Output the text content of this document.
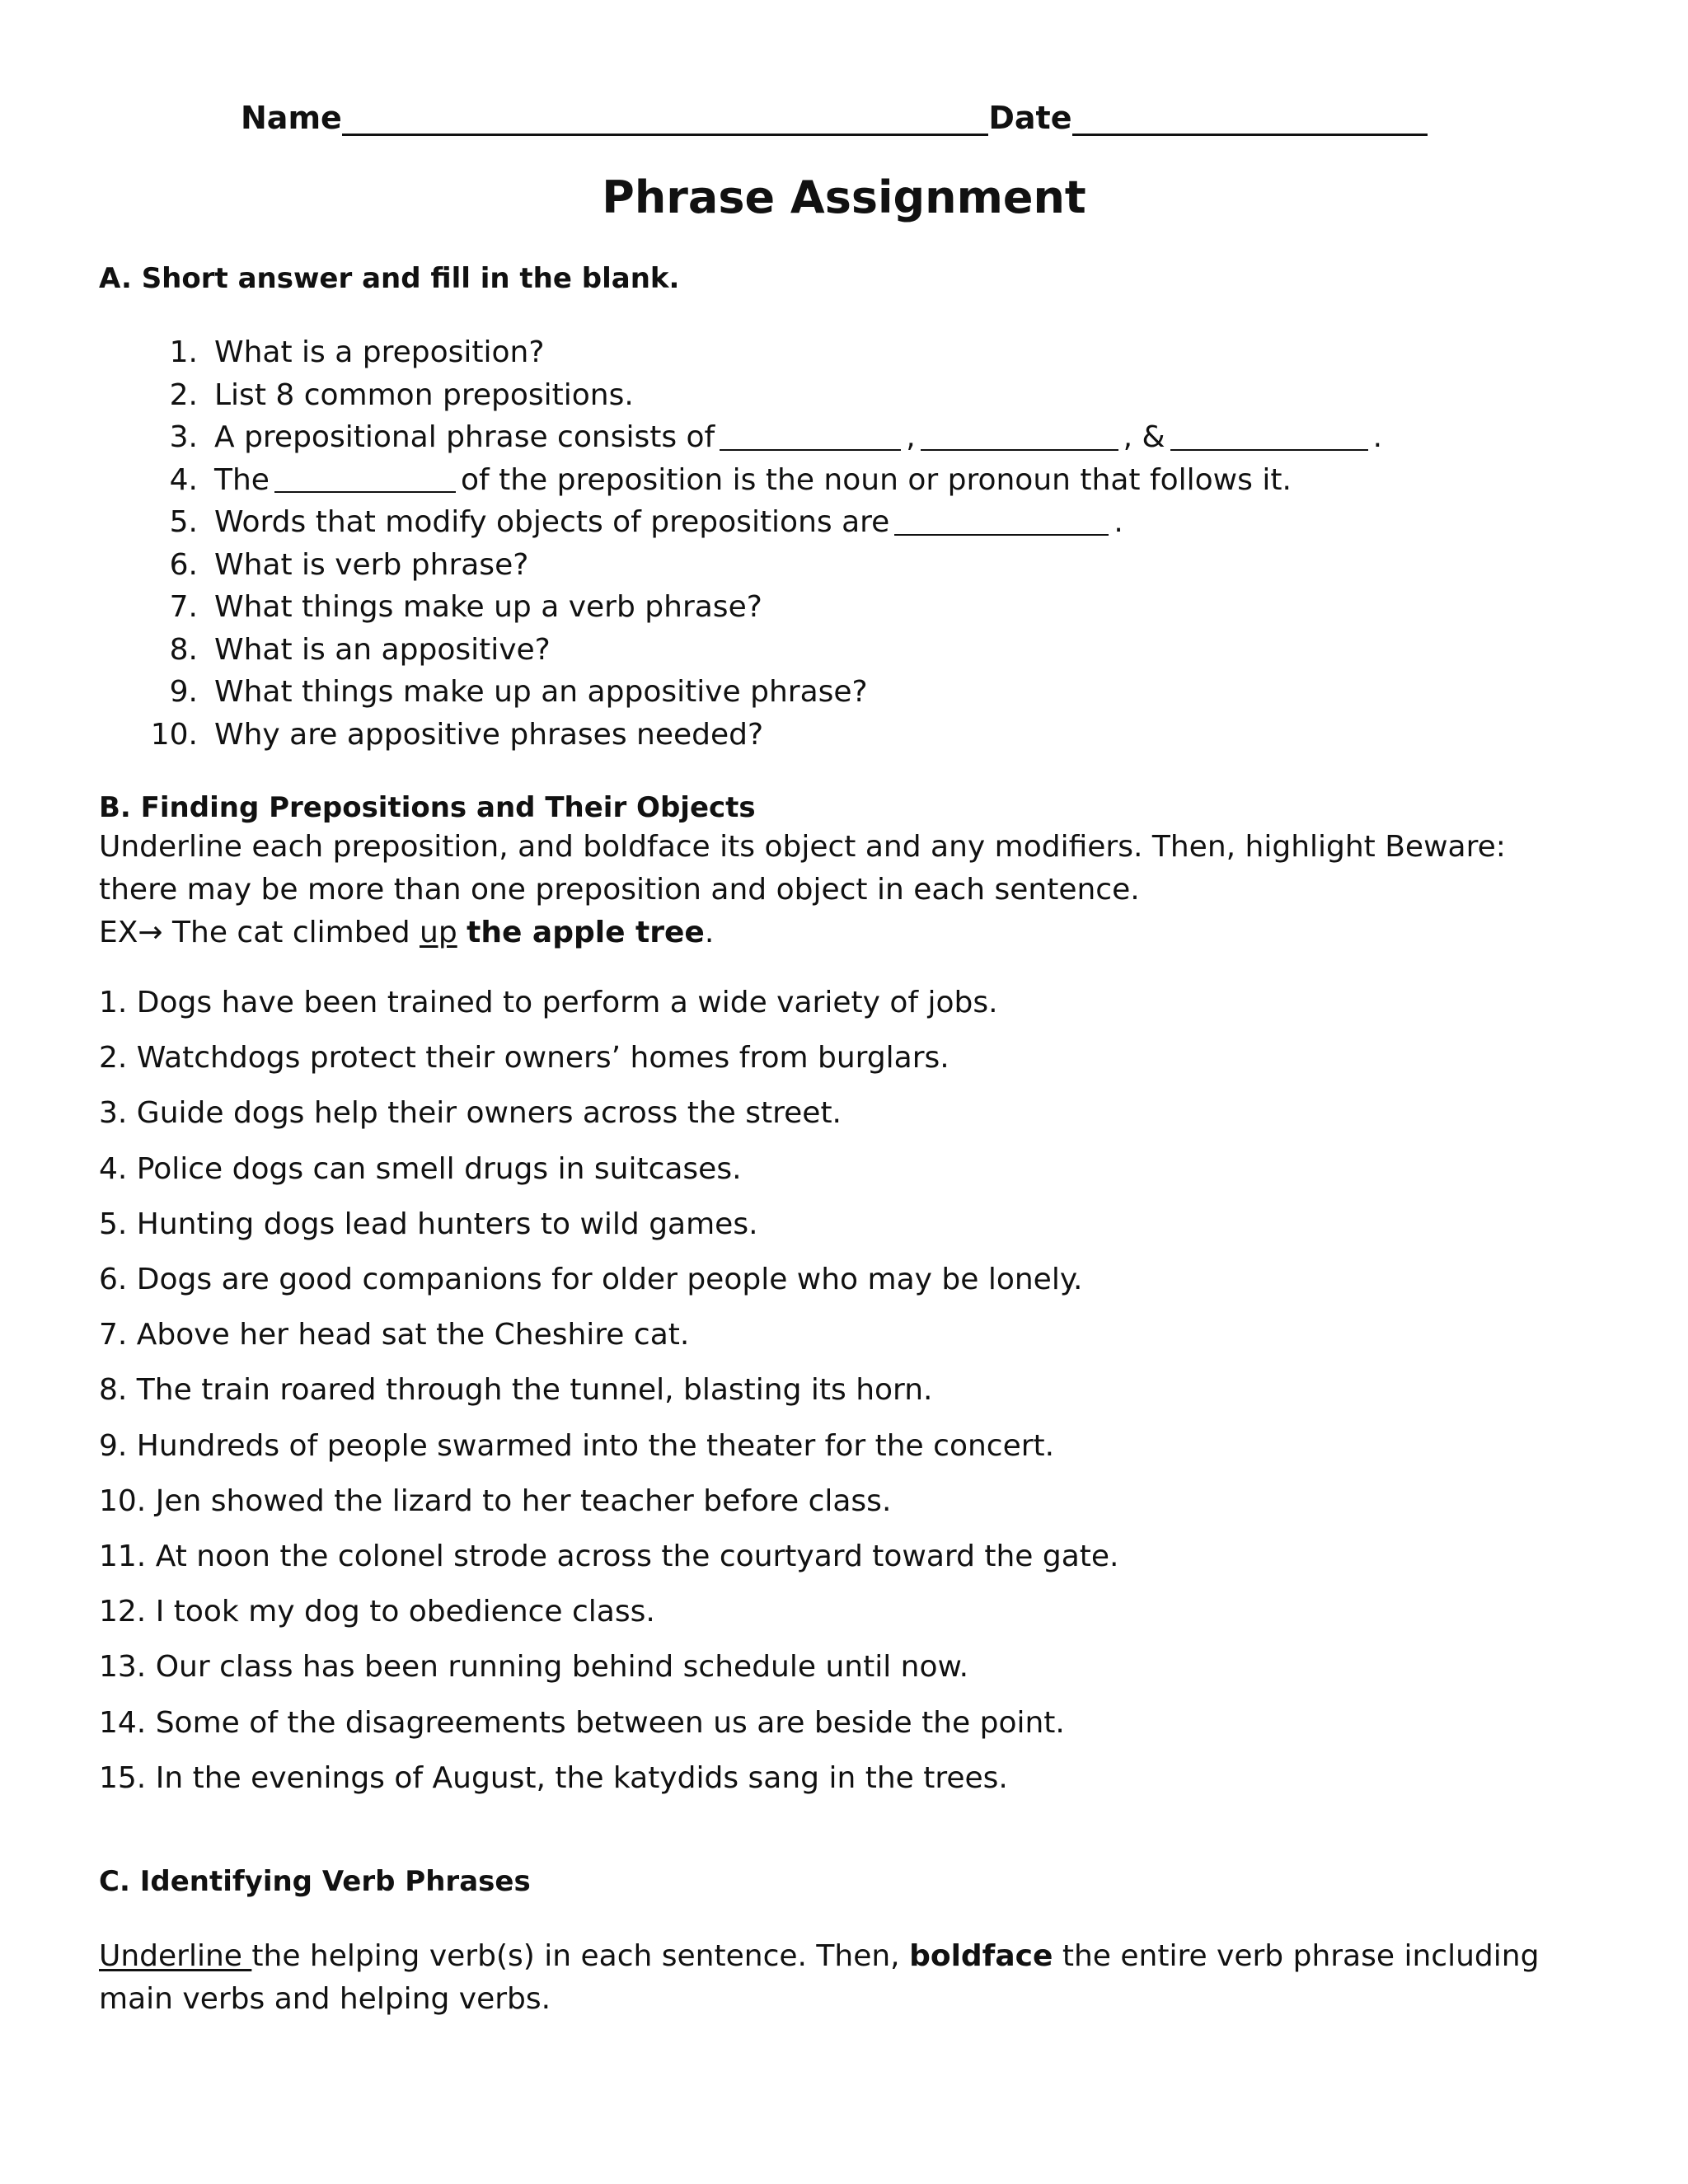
Name	Date
Phrase Assignment
A. Short answer and fill in the blank.
1. What is a preposition?
2. List 8 common prepositions.
3. A prepositional phrase consists of	,	, &	.
4. The	of the preposition is the noun or pronoun that follows it.
5. Words that modify objects of prepositions are	.
6. What is verb phrase?
7. What things make up a verb phrase?
8. What is an appositive?
9. What things make up an appositive phrase?
10. Why are appositive phrases needed?
B. Finding Prepositions and Their Objects
Underline each preposition, and boldface its object and any modifiers. Then, highlight Beware: there may be more than one preposition and object in each sentence.
EX→ The cat climbed up the apple tree.
1. Dogs have been trained to perform a wide variety of jobs.
2. Watchdogs protect their owners’ homes from burglars.
3. Guide dogs help their owners across the street.
4. Police dogs can smell drugs in suitcases.
5. Hunting dogs lead hunters to wild games.
6. Dogs are good companions for older people who may be lonely.
7. Above her head sat the Cheshire cat.
8. The train roared through the tunnel, blasting its horn.
9. Hundreds of people swarmed into the theater for the concert.
10. Jen showed the lizard to her teacher before class.
11. At noon the colonel strode across the courtyard toward the gate.
12. I took my dog to obedience class.
13. Our class has been running behind schedule until now.
14. Some of the disagreements between us are beside the point.
15. In the evenings of August, the katydids sang in the trees.
C. Identifying Verb Phrases
Underline the helping verb(s) in each sentence. Then, boldface the entire verb phrase including main verbs and helping verbs.
